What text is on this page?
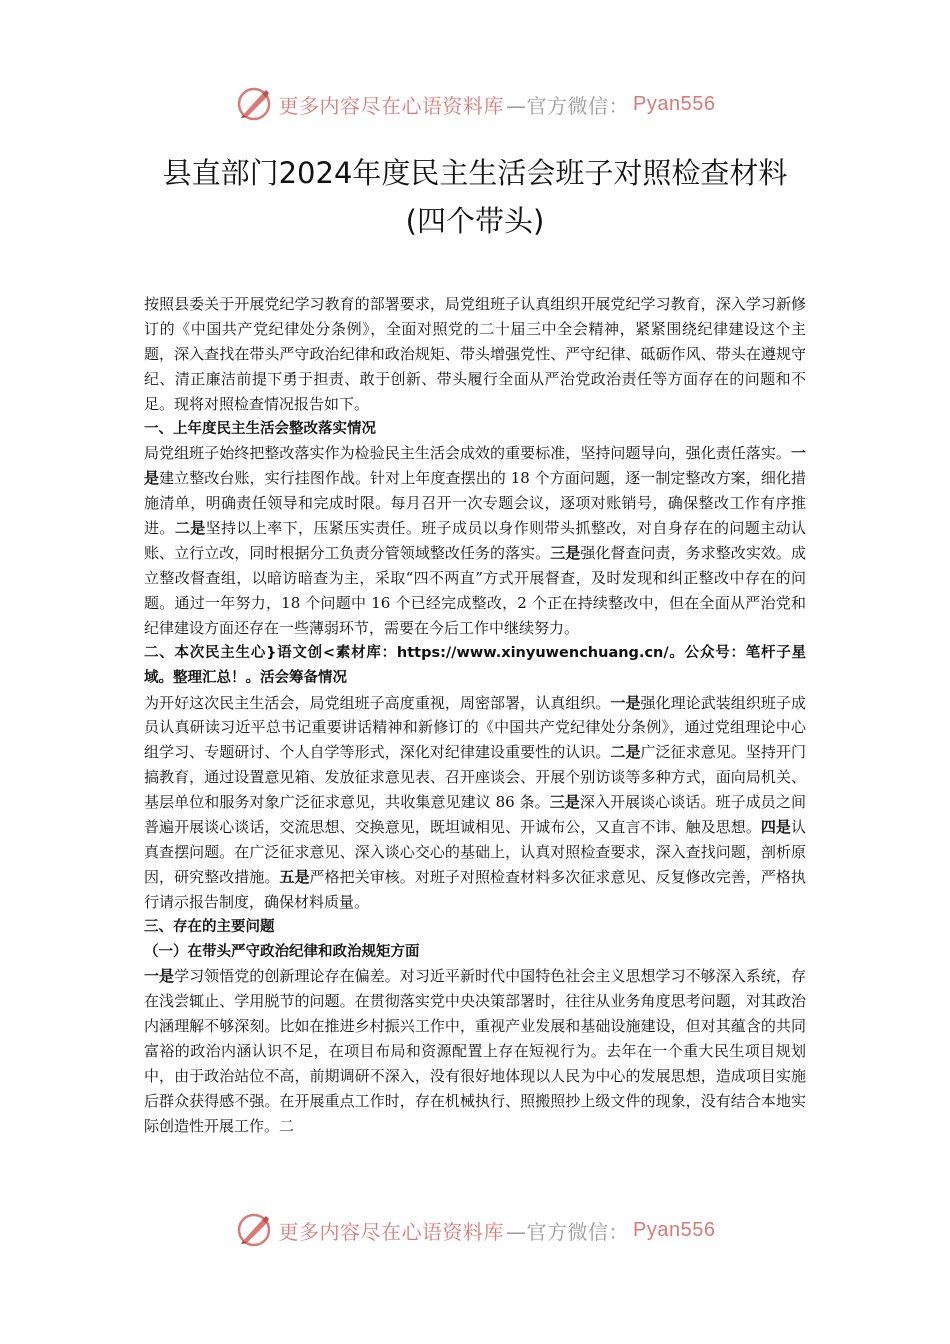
更多内容尽在心语资料库 —官方微信： Pyan556
县直部门2024年度民主生活会班子对照检查材料
(四个带头)

按照县委关于开展党纪学习教育的部署要求，局党组班子认真组织开展党纪学习教育，深入学习新修订的《中国共产党纪律处分条例》，全面对照党的二十届三中全会精神，紧紧围绕纪律建设这个主题，深入查找在带头严守政治纪律和政治规矩、带头增强党性、严守纪律、砥砺作风、带头在遵规守纪、清正廉洁前提下勇于担责、敢于创新、带头履行全面从严治党政治责任等方面存在的问题和不足。现将对照检查情况报告如下。

一、上年度民主生活会整改落实情况

局党组班子始终把整改落实作为检验民主生活会成效的重要标准，坚持问题导向，强化责任落实。一是建立整改台账，实行挂图作战。针对上年度查摆出的 18 个方面问题，逐一制定整改方案，细化措施清单，明确责任领导和完成时限。每月召开一次专题会议，逐项对账销号，确保整改工作有序推进。二是坚持以上率下，压紧压实责任。班子成员以身作则带头抓整改，对自身存在的问题主动认账、立行立改，同时根据分工负责分管领域整改任务的落实。三是强化督查问责，务求整改实效。成立整改督查组，以暗访暗查为主，采取“四不两直”方式开展督查，及时发现和纠正整改中存在的问题。通过一年努力，18 个问题中 16 个已经完成整改，2 个正在持续整改中，但在全面从严治党和纪律建设方面还存在一些薄弱环节，需要在今后工作中继续努力。

二、本次民主生心}语文创<素材库：https://www.xinyuwenchuang.cn/。公众号：笔杆子星域。整理汇总！。活会筹备情况

为开好这次民主生活会，局党组班子高度重视，周密部署，认真组织。一是强化理论武装组织班子成员认真研读习近平总书记重要讲话精神和新修订的《中国共产党纪律处分条例》，通过党组理论中心组学习、专题研讨、个人自学等形式，深化对纪律建设重要性的认识。二是广泛征求意见。坚持开门搞教育，通过设置意见箱、发放征求意见表、召开座谈会、开展个别访谈等多种方式，面向局机关、基层单位和服务对象广泛征求意见，共收集意见建议 86 条。三是深入开展谈心谈话。班子成员之间普遍开展谈心谈话，交流思想、交换意见，既坦诚相见、开诚布公，又直言不讳、触及思想。四是认真查摆问题。在广泛征求意见、深入谈心交心的基础上，认真对照检查要求，深入查找问题，剖析原因，研究整改措施。五是严格把关审核。对班子对照检查材料多次征求意见、反复修改完善，严格执行请示报告制度，确保材料质量。

三、存在的主要问题

（一）在带头严守政治纪律和政治规矩方面

一是学习领悟党的创新理论存在偏差。对习近平新时代中国特色社会主义思想学习不够深入系统，存在浅尝辄止、学用脱节的问题。在贯彻落实党中央决策部署时，往往从业务角度思考问题，对其政治内涵理解不够深刻。比如在推进乡村振兴工作中，重视产业发展和基础设施建设，但对其蕴含的共同富裕的政治内涵认识不足，在项目布局和资源配置上存在短视行为。去年在一个重大民生项目规划中，由于政治站位不高，前期调研不深入，没有很好地体现以人民为中心的发展思想，造成项目实施后群众获得感不强。在开展重点工作时，存在机械执行、照搬照抄上级文件的现象，没有结合本地实际创造性开展工作。二

更多内容尽在心语资料库 —官方微信： Pyan556
